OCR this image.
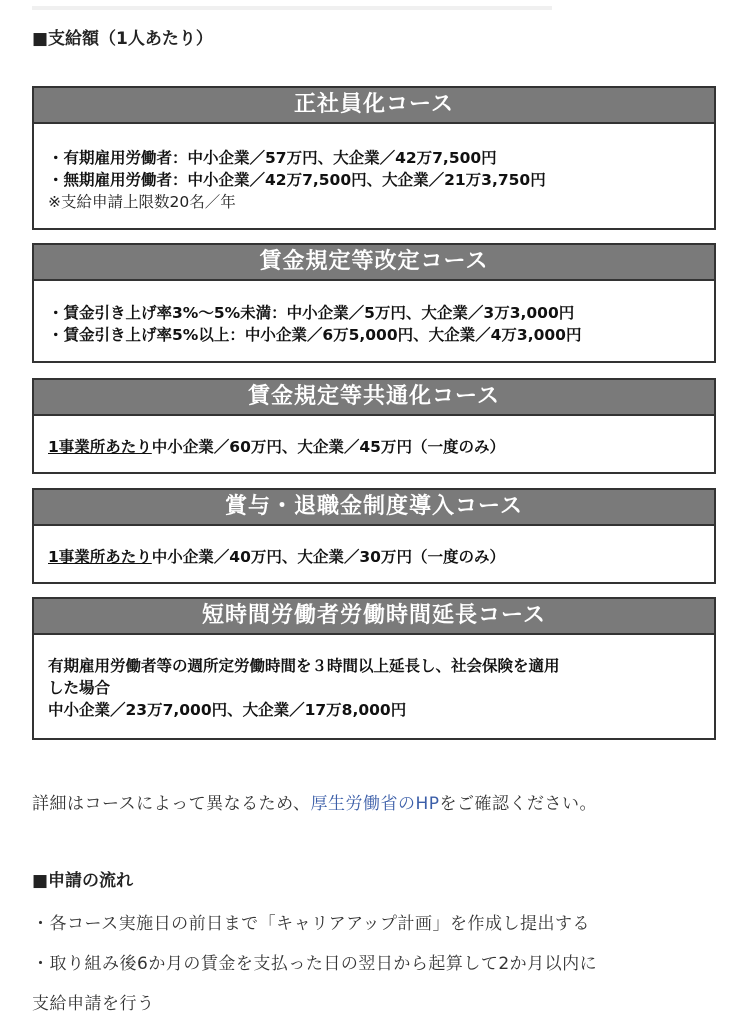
■支給額（1人あたり）
正社員化コース
・有期雇用労働者：中小企業／57万円、大企業／42万7,500円
・無期雇用労働者：中小企業／42万7,500円、大企業／21万3,750円
※支給申請上限数20名／年
賃金規定等改定コース
・賃金引き上げ率3%～5%未満：中小企業／5万円、大企業／3万3,000円
・賃金引き上げ率5%以上：中小企業／6万5,000円、大企業／4万3,000円
賃金規定等共通化コース
1事業所あたり中小企業／60万円、大企業／45万円（一度のみ）
賞与・退職金制度導入コース
1事業所あたり中小企業／40万円、大企業／30万円（一度のみ）
短時間労働者労働時間延長コース
有期雇用労働者等の週所定労働時間を３時間以上延長し、社会保険を適用
した場合
中小企業／23万7,000円、大企業／17万8,000円
詳細はコースによって異なるため、厚生労働省のHPをご確認ください。
■申請の流れ
・各コース実施日の前日まで「キャリアアップ計画」を作成し提出する
・取り組み後6か月の賃金を支払った日の翌日から起算して2か月以内に
支給申請を行う
